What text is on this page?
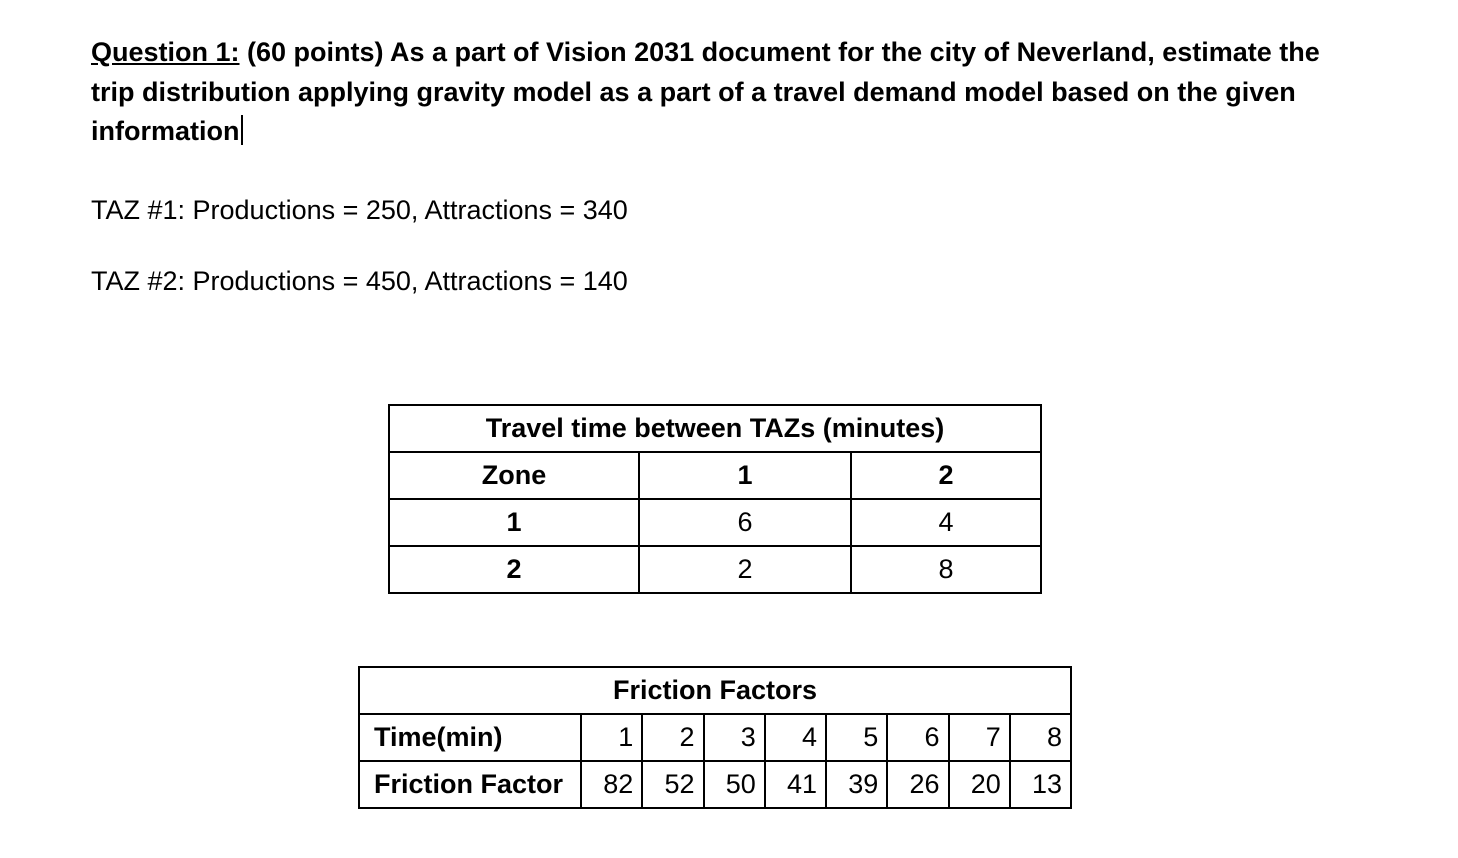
Question 1: (60 points) As a part of Vision 2031 document for the city of Neverland, estimate the trip distribution applying gravity model as a part of a travel demand model based on the given information
TAZ #1: Productions = 250, Attractions = 340
TAZ #2: Productions = 450, Attractions = 140
Travel time between TAZs (minutes)		
Zone	1	2
1	6	4
2	2	8
Friction Factors								
Time(min)	1	2	3	4	5	6	7	8
Friction Factor	82	52	50	41	39	26	20	13
